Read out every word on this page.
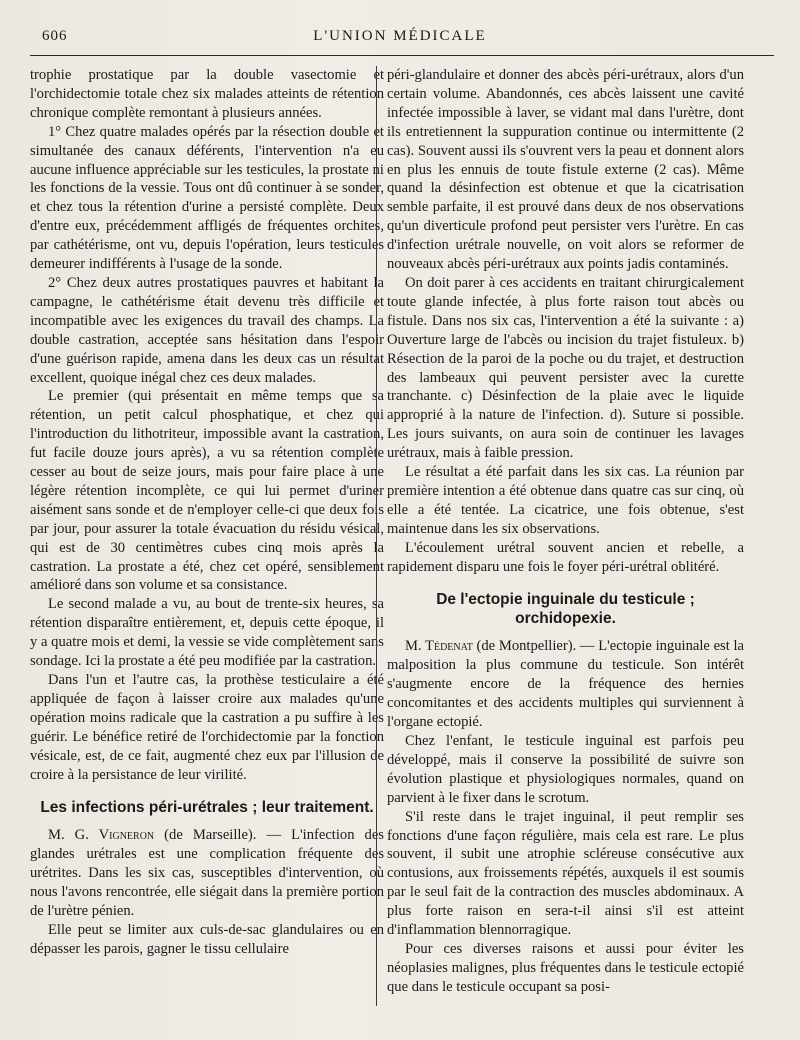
606	L'UNION MÉDICALE

trophie prostatique par la double vasectomie et l'orchidectomie totale chez six malades atteints de rétention chronique complète remontant à plusieurs années.

1° Chez quatre malades opérés par la résection double et simultanée des canaux déférents, l'intervention n'a eu aucune influence appréciable sur les testicules, la prostate ni les fonctions de la vessie. Tous ont dû continuer à se sonder, et chez tous la rétention d'urine a persisté complète. Deux d'entre eux, précédemment affligés de fréquentes orchites, par cathétérisme, ont vu, depuis l'opération, leurs testicules demeurer indifférents à l'usage de la sonde.

2° Chez deux autres prostatiques pauvres et habitant la campagne, le cathétérisme était devenu très difficile et incompatible avec les exigences du travail des champs. La double castration, acceptée sans hésitation dans l'espoir d'une guérison rapide, amena dans les deux cas un résultat excellent, quoique inégal chez ces deux malades.

Le premier (qui présentait en même temps que sa rétention, un petit calcul phosphatique, et chez qui l'introduction du lithotriteur, impossible avant la castration, fut facile douze jours après), a vu sa rétention complète cesser au bout de seize jours, mais pour faire place à une légère rétention incomplète, ce qui lui permet d'uriner aisément sans sonde et de n'employer celle-ci que deux fois par jour, pour assurer la totale évacuation du résidu vésical, qui est de 30 centimètres cubes cinq mois après la castration. La prostate a été, chez cet opéré, sensiblement amélioré dans son volume et sa consistance.

Le second malade a vu, au bout de trente-six heures, sa rétention disparaître entièrement, et, depuis cette époque, il y a quatre mois et demi, la vessie se vide complètement sans sondage. Ici la prostate a été peu modifiée par la castration.

Dans l'un et l'autre cas, la prothèse testiculaire a été appliquée de façon à laisser croire aux malades qu'une opération moins radicale que la castration a pu suffire à les guérir. Le bénéfice retiré de l'orchidectomie par la fonction vésicale, est, de ce fait, augmenté chez eux par l'illusion de croire à la persistance de leur virilité.

Les infections péri-urétrales ; leur traitement.

M. G. Vigneron (de Marseille). — L'infection des glandes urétrales est une complication fréquente des urétrites. Dans les six cas, susceptibles d'intervention, où nous l'avons rencontrée, elle siégait dans la première portion de l'urètre pénien.

Elle peut se limiter aux culs-de-sac glandulaires ou en dépasser les parois, gagner le tissu cellulaire

péri-glandulaire et donner des abcès péri-urétraux, alors d'un certain volume. Abandonnés, ces abcès laissent une cavité infectée impossible à laver, se vidant mal dans l'urètre, dont ils entretiennent la suppuration continue ou intermittente (2 cas). Souvent aussi ils s'ouvrent vers la peau et donnent alors en plus les ennuis de toute fistule externe (2 cas). Même quand la désinfection est obtenue et que la cicatrisation semble parfaite, il est prouvé dans deux de nos observations qu'un diverticule profond peut persister vers l'urètre. En cas d'infection urétrale nouvelle, on voit alors se reformer de nouveaux abcès péri-urétraux aux points jadis contaminés.

On doit parer à ces accidents en traitant chirurgicalement toute glande infectée, à plus forte raison tout abcès ou fistule. Dans nos six cas, l'intervention a été la suivante : a) Ouverture large de l'abcès ou incision du trajet fistuleux. b) Résection de la paroi de la poche ou du trajet, et destruction des lambeaux qui peuvent persister avec la curette tranchante. c) Désinfection de la plaie avec le liquide approprié à la nature de l'infection. d). Suture si possible. Les jours suivants, on aura soin de continuer les lavages urétraux, mais à faible pression.

Le résultat a été parfait dans les six cas. La réunion par première intention a été obtenue dans quatre cas sur cinq, où elle a été tentée. La cicatrice, une fois obtenue, s'est maintenue dans les six observations.

L'écoulement urétral souvent ancien et rebelle, a rapidement disparu une fois le foyer péri-urétral oblitéré.

De l'ectopie inguinale du testicule ; orchidopexie.

M. Tédenat (de Montpellier). — L'ectopie inguinale est la malposition la plus commune du testicule. Son intérêt s'augmente encore de la fréquence des hernies concomitantes et des accidents multiples qui surviennent à l'organe ectopié.

Chez l'enfant, le testicule inguinal est parfois peu développé, mais il conserve la possibilité de suivre son évolution plastique et physiologiques normales, quand on parvient à le fixer dans le scrotum.

S'il reste dans le trajet inguinal, il peut remplir ses fonctions d'une façon régulière, mais cela est rare. Le plus souvent, il subit une atrophie scléreuse consécutive aux contusions, aux froissements répétés, auxquels il est soumis par le seul fait de la contraction des muscles abdominaux. A plus forte raison en sera-t-il ainsi s'il est atteint d'inflammation blennorragique.

Pour ces diverses raisons et aussi pour éviter les néoplasies malignes, plus fréquentes dans le testicule ectopié que dans le testicule occupant sa posi-
